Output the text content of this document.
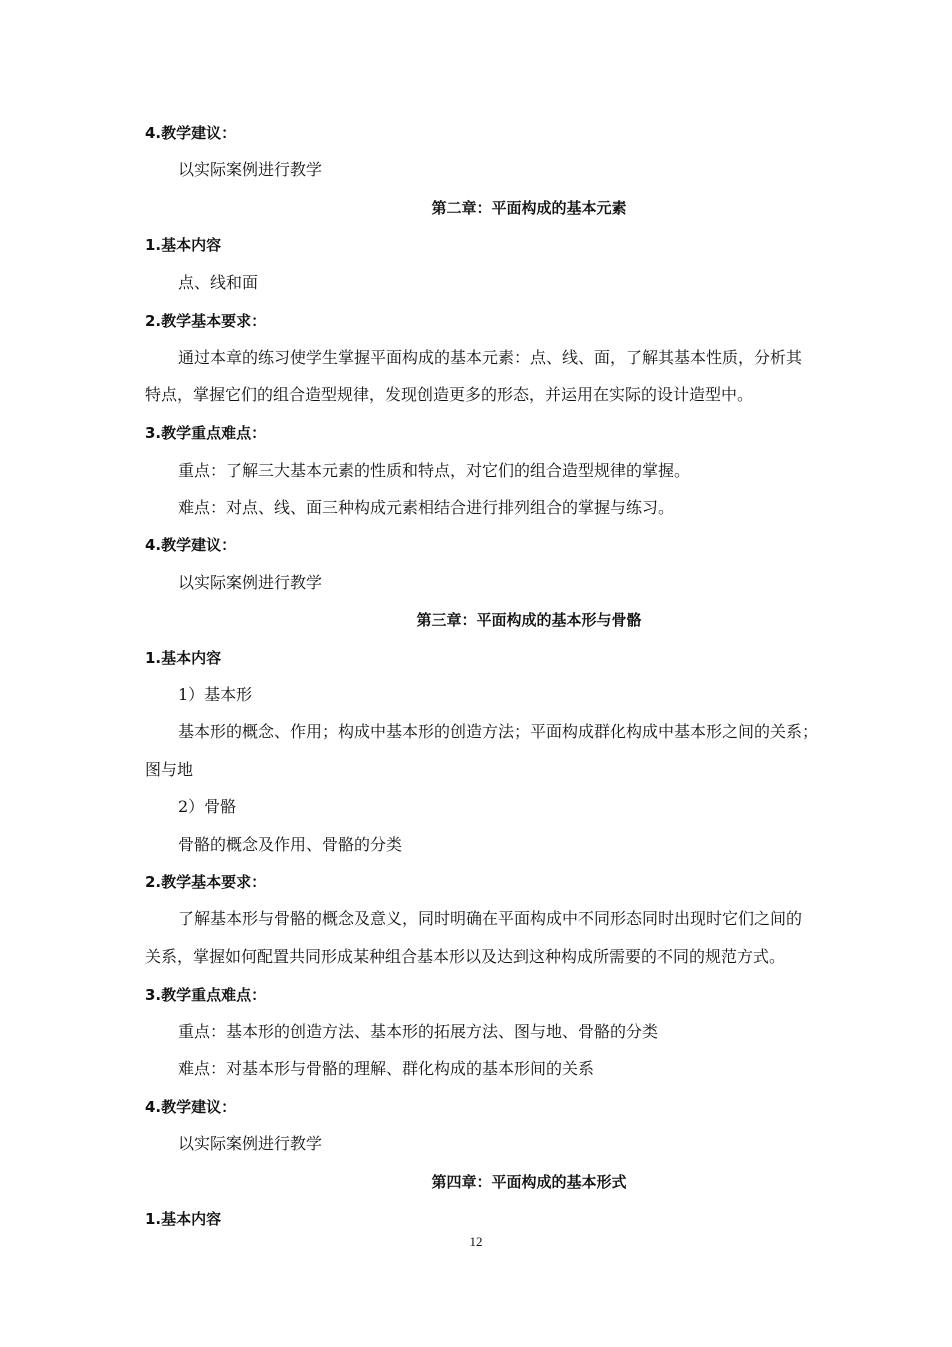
4.教学建议：
以实际案例进行教学
第二章：平面构成的基本元素
1.基本内容
点、线和面
2.教学基本要求：
通过本章的练习使学生掌握平面构成的基本元素：点、线、面，了解其基本性质，分析其
特点，掌握它们的组合造型规律，发现创造更多的形态，并运用在实际的设计造型中。
3.教学重点难点：
重点：了解三大基本元素的性质和特点，对它们的组合造型规律的掌握。
难点：对点、线、面三种构成元素相结合进行排列组合的掌握与练习。
4.教学建议：
以实际案例进行教学
第三章：平面构成的基本形与骨骼
1.基本内容
1）基本形
基本形的概念、作用；构成中基本形的创造方法；平面构成群化构成中基本形之间的关系；
图与地
2）骨骼
骨骼的概念及作用、骨骼的分类
2.教学基本要求：
了解基本形与骨骼的概念及意义，同时明确在平面构成中不同形态同时出现时它们之间的
关系，掌握如何配置共同形成某种组合基本形以及达到这种构成所需要的不同的规范方式。
3.教学重点难点：
重点：基本形的创造方法、基本形的拓展方法、图与地、骨骼的分类
难点：对基本形与骨骼的理解、群化构成的基本形间的关系
4.教学建议：
以实际案例进行教学
第四章：平面构成的基本形式
1.基本内容
12
